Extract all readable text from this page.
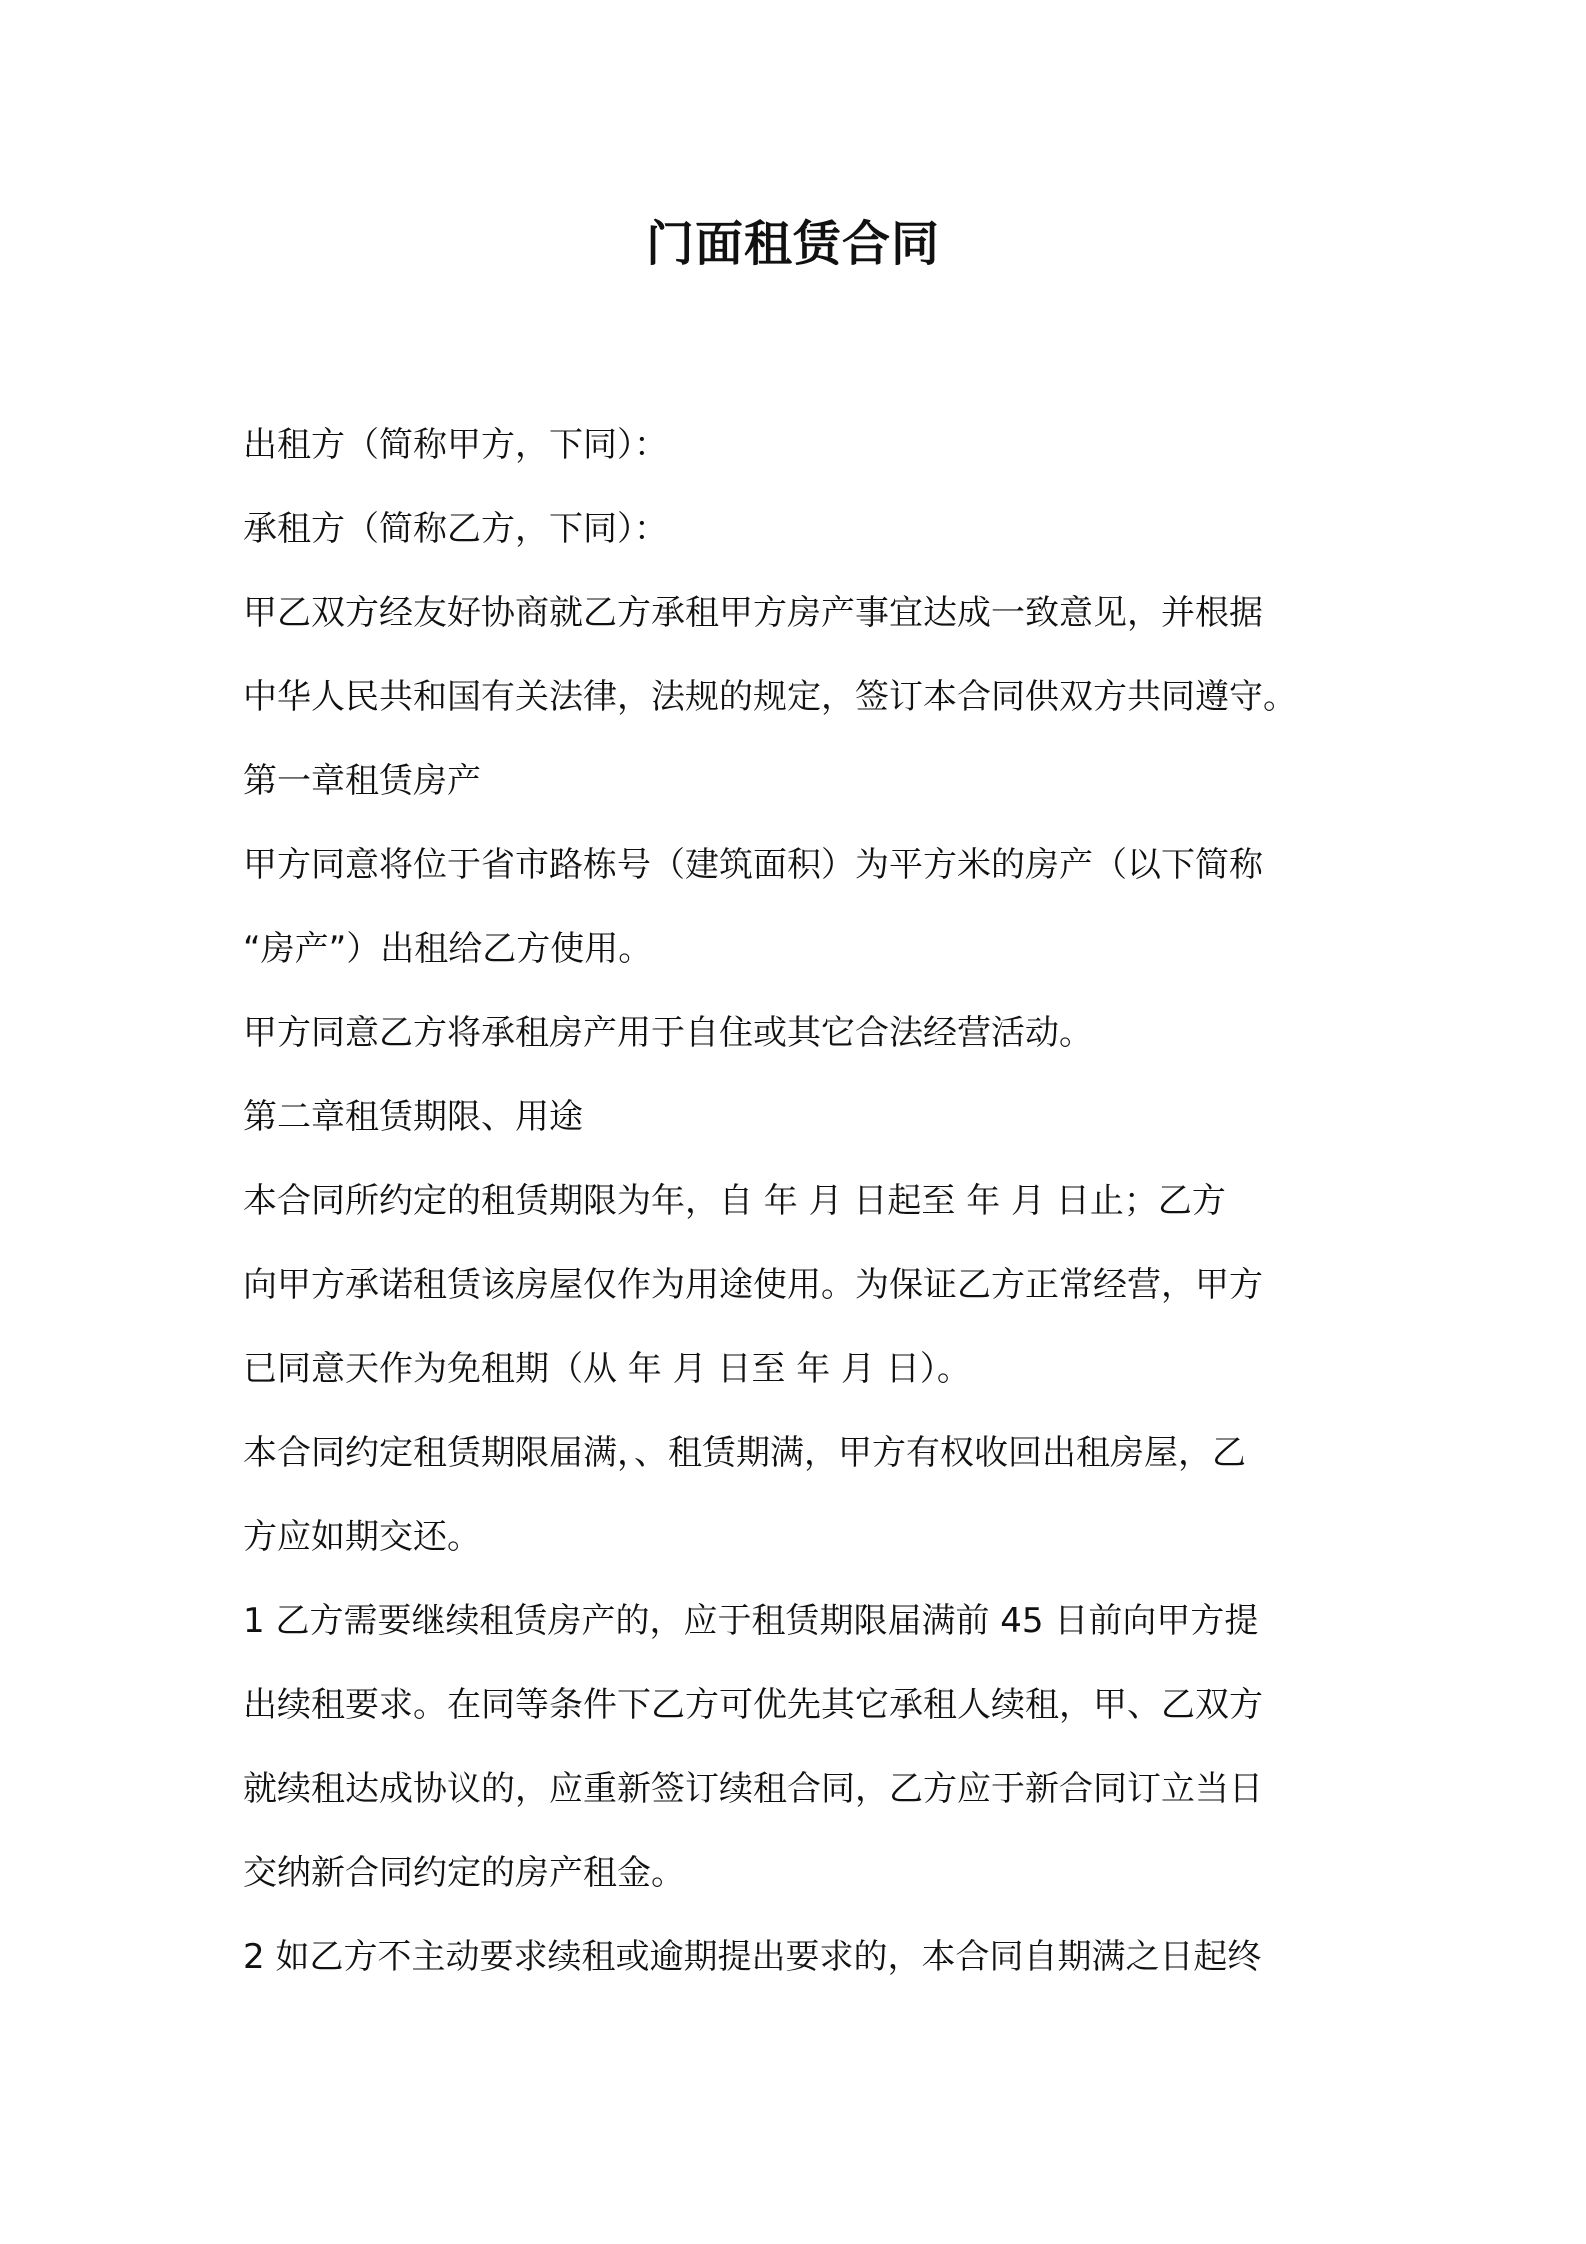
门面租赁合同
出租方（简称甲方，下同）：
承租方（简称乙方，下同）：
甲乙双方经友好协商就乙方承租甲方房产事宜达成一致意见，并根据
中华人民共和国有关法律，法规的规定，签订本合同供双方共同遵守。
第一章租赁房产
甲方同意将位于省市路栋号（建筑面积）为平方米的房产（以下简称
“房产”）出租给乙方使用。
甲方同意乙方将承租房产用于自住或其它合法经营活动。
第二章租赁期限、用途
本合同所约定的租赁期限为年，自 年 月 日起至 年 月 日止；乙方
向甲方承诺租赁该房屋仅作为用途使用。为保证乙方正常经营，甲方
已同意天作为免租期（从 年 月 日至 年 月 日）。
本合同约定租赁期限届满，、租赁期满，甲方有权收回出租房屋，乙
方应如期交还。
1 乙方需要继续租赁房产的，应于租赁期限届满前 45 日前向甲方提
出续租要求。在同等条件下乙方可优先其它承租人续租，甲、乙双方
就续租达成协议的，应重新签订续租合同，乙方应于新合同订立当日
交纳新合同约定的房产租金。
2 如乙方不主动要求续租或逾期提出要求的，本合同自期满之日起终
